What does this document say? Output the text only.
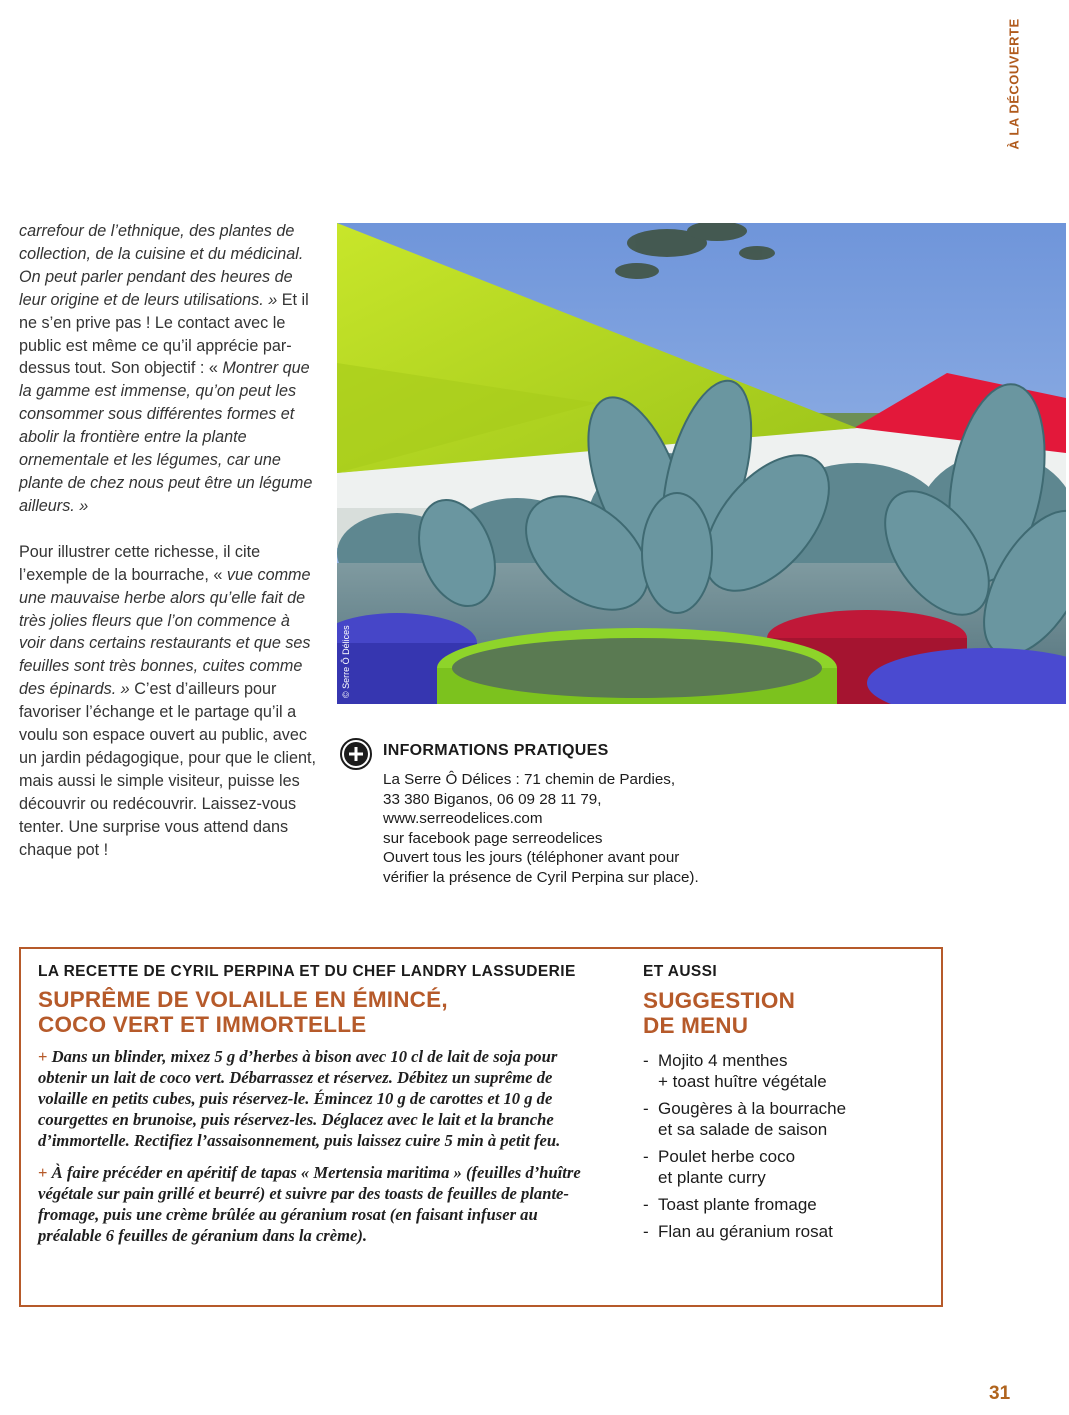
À LA DÉCOUVERTE

carrefour de l’ethnique, des plantes de collection, de la cuisine et du médicinal. On peut parler pendant des heures de leur origine et de leurs utilisations. » Et il ne s’en prive pas ! Le contact avec le public est même ce qu’il apprécie par-dessus tout. Son objectif : « Montrer que la gamme est immense, qu’on peut les consommer sous différentes formes et abolir la frontière entre la plante ornementale et les légumes, car une plante de chez nous peut être un légume ailleurs. »

Pour illustrer cette richesse, il cite l’exemple de la bourrache, « vue comme une mauvaise herbe alors qu’elle fait de très jolies fleurs que l’on commence à voir dans certains restaurants et que ses feuilles sont très bonnes, cuites comme des épinards. » C’est d’ailleurs pour favoriser l’échange et le partage qu’il a voulu son espace ouvert au public, avec un jardin pédagogique, pour que le client, mais aussi le simple visiteur, puisse les découvrir ou redécouvrir. Laissez-vous tenter. Une surprise vous attend dans chaque pot !

© Serre Ô Délices
INFORMATIONS PRATIQUES
La Serre Ô Délices : 71 chemin de Pardies,
33 380 Biganos, 06 09 28 11 79,
www.serreodelices.com
sur facebook page serreodelices
Ouvert tous les jours (téléphoner avant pour
vérifier la présence de Cyril Perpina sur place).
LA RECETTE DE CYRIL PERPINA ET DU CHEF LANDRY LASSUDERIE
SUPRÊME DE VOLAILLE EN ÉMINCÉ,
COCO VERT ET IMMORTELLE

+ Dans un blinder, mixez 5 g d’herbes à bison avec 10 cl de lait de soja pour obtenir un lait de coco vert. Débarrassez et réservez. Débitez un suprême de volaille en petits cubes, puis réservez-le. Émincez 10 g de carottes et 10 g de courgettes en brunoise, puis réservez-les. Déglacez avec le lait et la branche d’immortelle. Rectifiez l’assaisonnement, puis laissez cuire 5 min à petit feu.

+ À faire précéder en apéritif de tapas « Mertensia maritima » (feuilles d’huître végétale sur pain grillé et beurré) et suivre par des toasts de feuilles de plante-fromage, puis une crème brûlée au géranium rosat (en faisant infuser au préalable 6 feuilles de géranium dans la crème).

ET AUSSI
SUGGESTION
DE MENU
- Mojito 4 menthes
+ toast huître végétale
- Gougères à la bourrache
et sa salade de saison
- Poulet herbe coco
et plante curry
- Toast plante fromage
- Flan au géranium rosat
31
